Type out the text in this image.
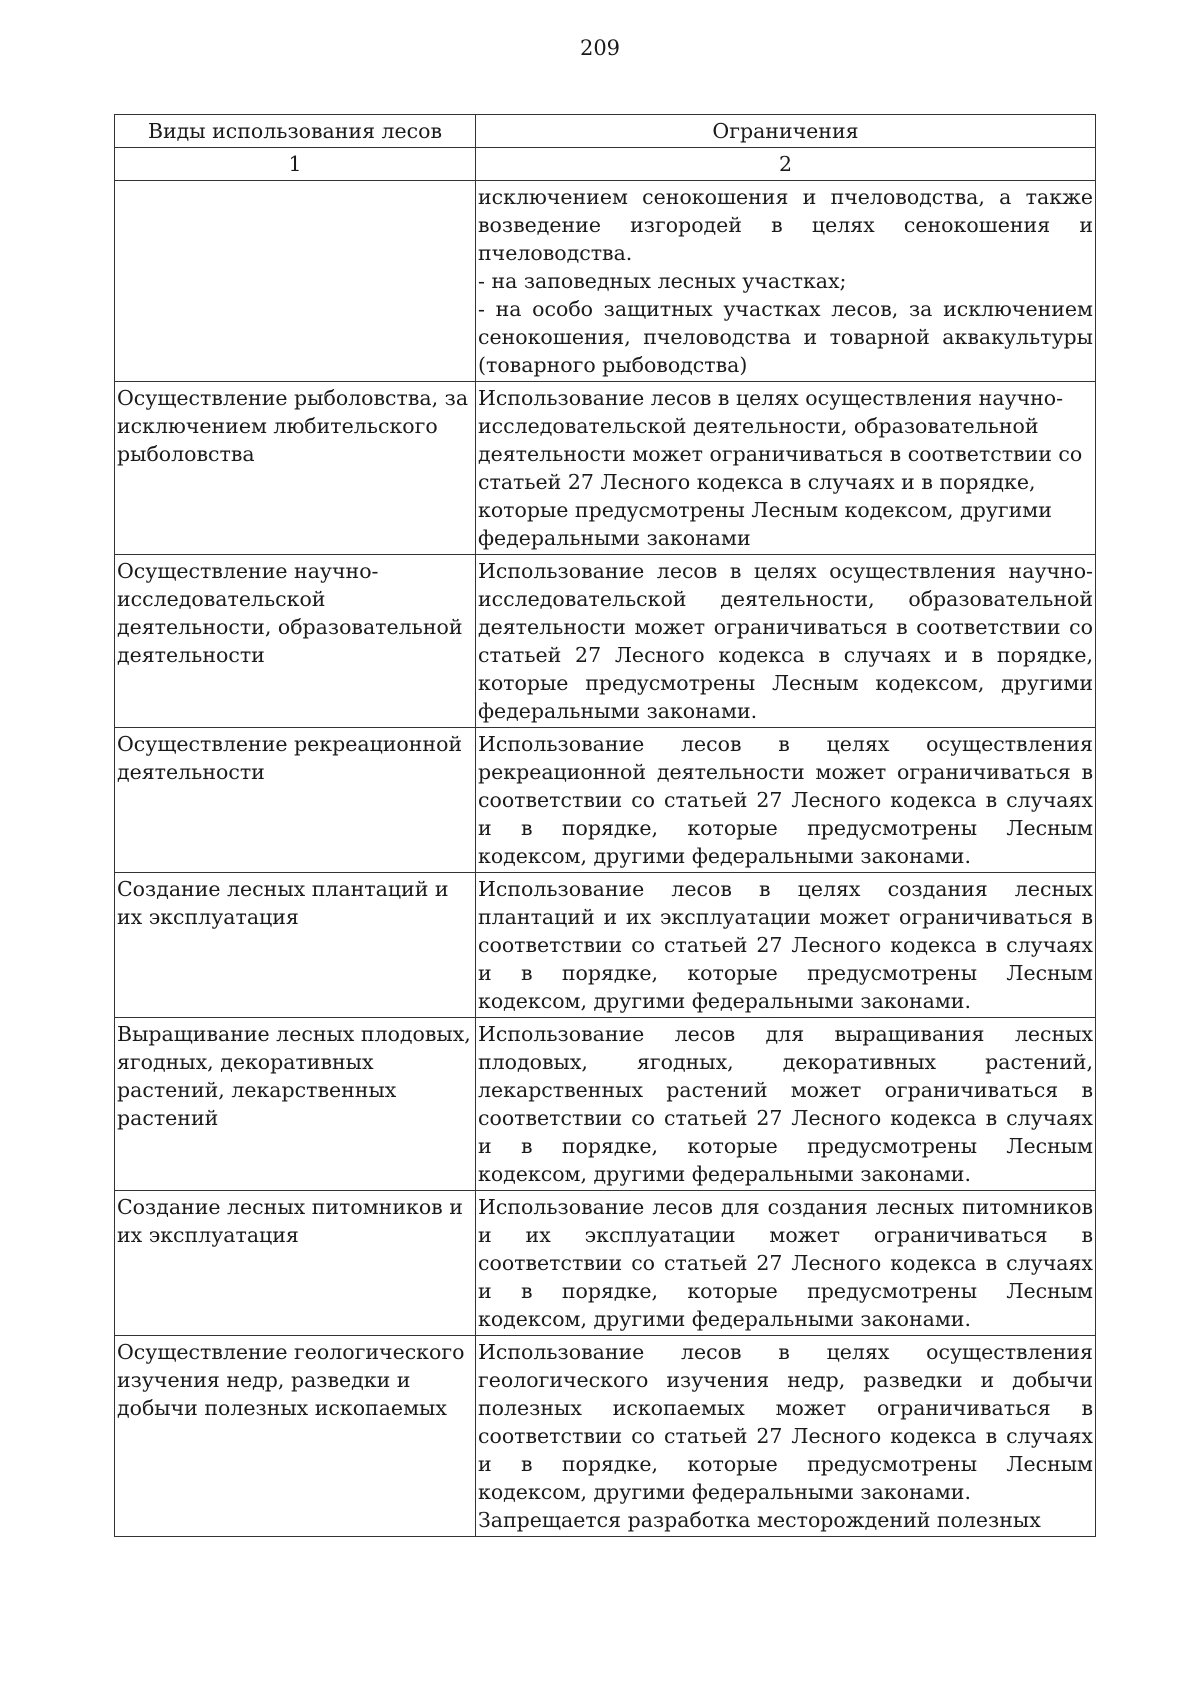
209
Виды использования лесов	Ограничения
1	2

	исключением сенокошения и пчеловодства, а также возведение изгородей в целях сенокошения и пчеловодства.

- на заповедных лесных участках;

- на особо защитных участках лесов, за исключением сенокошения, пчеловодства и товарной аквакультуры (товарного рыбоводства)

Осуществление рыболовства, за исключением любительского рыболовства	Использование лесов в целях осуществления научно-исследовательской деятельности, образовательной деятельности может ограничиваться в соответствии со статьей 27 Лесного кодекса в случаях и в порядке, которые предусмотрены Лесным кодексом, другими федеральными законами
Осуществление научно-исследовательской деятельности, образовательной деятельности	Использование лесов в целях осуществления научно-исследовательской деятельности, образовательной деятельности может ограничиваться в соответствии со статьей 27 Лесного кодекса в случаях и в порядке, которые предусмотрены Лесным кодексом, другими федеральными законами.
Осуществление рекреационной деятельности	Использование лесов в целях осуществления рекреационной деятельности может ограничиваться в соответствии со статьей 27 Лесного кодекса в случаях и в порядке, которые предусмотрены Лесным кодексом, другими федеральными законами.
Создание лесных плантаций и их эксплуатация	Использование лесов в целях создания лесных плантаций и их эксплуатации может ограничиваться в соответствии со статьей 27 Лесного кодекса в случаях и в порядке, которые предусмотрены Лесным кодексом, другими федеральными законами.
Выращивание лесных плодовых, ягодных, декоративных растений, лекарственных растений	Использование лесов для выращивания лесных плодовых, ягодных, декоративных растений, лекарственных растений может ограничиваться в соответствии со статьей 27 Лесного кодекса в случаях и в порядке, которые предусмотрены Лесным кодексом, другими федеральными законами.
Создание лесных питомников и их эксплуатация	Использование лесов для создания лесных питомников и их эксплуатации может ограничиваться в соответствии со статьей 27 Лесного кодекса в случаях и в порядке, которые предусмотрены Лесным кодексом, другими федеральными законами.
Осуществление геологического изучения недр, разведки и добычи полезных ископаемых	Использование лесов в целях осуществления геологического изучения недр, разведки и добычи полезных ископаемых может ограничиваться в соответствии со статьей 27 Лесного кодекса в случаях и в порядке, которые предусмотрены Лесным кодексом, другими федеральными законами.

Запрещается разработка месторождений полезных
